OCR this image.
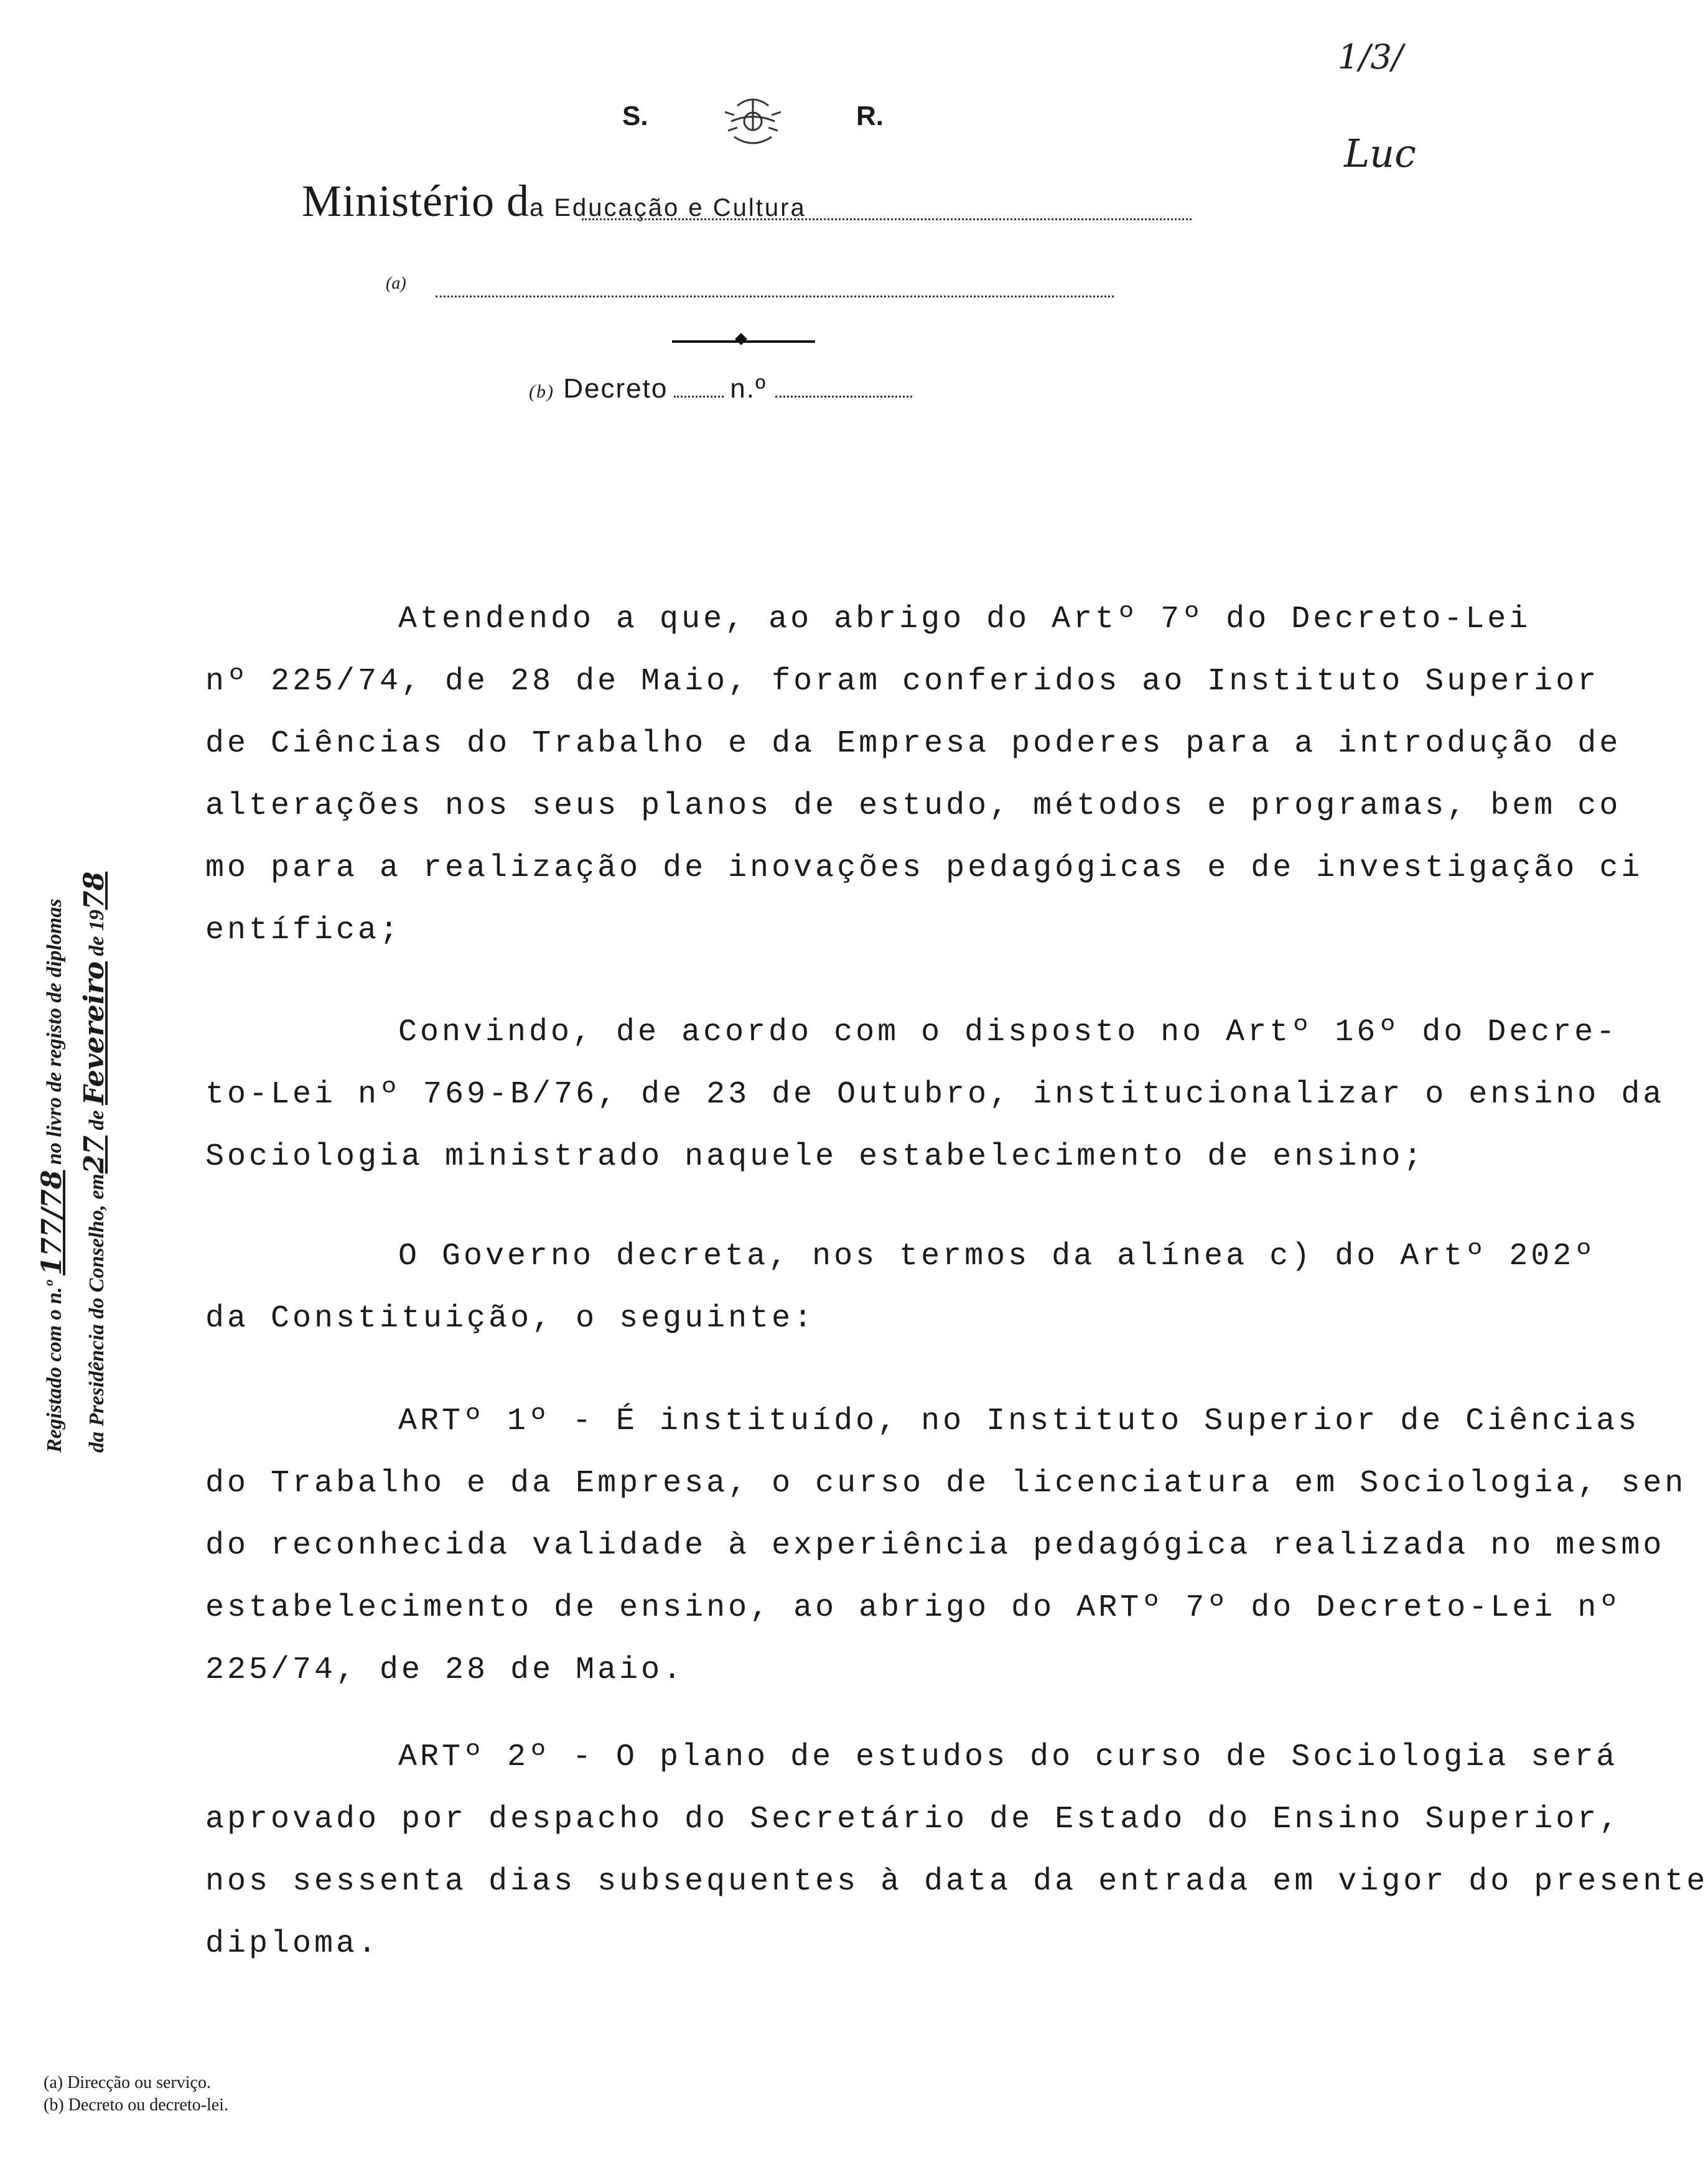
S.	R.
Ministério da Educação e Cultura
(a)
(b) Decreto n.º
1/3/
Luc
Registado com o n.º 177/78 no livro de registo de diplomas
da Presidência do Conselho, em27 de Fevereiro de 1978
Atendendo a que, ao abrigo do Artº 7º do Decreto-Lei
nº 225/74, de 28 de Maio, foram conferidos ao Instituto Superior
de Ciências do Trabalho e da Empresa poderes para a introdução de
alterações nos seus planos de estudo, métodos e programas, bem co
mo para a realização de inovações pedagógicas e de investigação ci
entífica;
Convindo, de acordo com o disposto no Artº 16º do Decre-
to-Lei nº 769-B/76, de 23 de Outubro, institucionalizar o ensino da
Sociologia ministrado naquele estabelecimento de ensino;
O Governo decreta, nos termos da alínea c) do Artº 202º
da Constituição, o seguinte:
ARTº 1º - É instituído, no Instituto Superior de Ciências
do Trabalho e da Empresa, o curso de licenciatura em Sociologia, sen
do reconhecida validade à experiência pedagógica realizada no mesmo
estabelecimento de ensino, ao abrigo do ARTº 7º do Decreto-Lei nº
225/74, de 28 de Maio.
ARTº 2º - O plano de estudos do curso de Sociologia será
aprovado por despacho do Secretário de Estado do Ensino Superior,
nos sessenta dias subsequentes à data da entrada em vigor do presente
diploma.
(a) Direcção ou serviço.
(b) Decreto ou decreto-lei.
